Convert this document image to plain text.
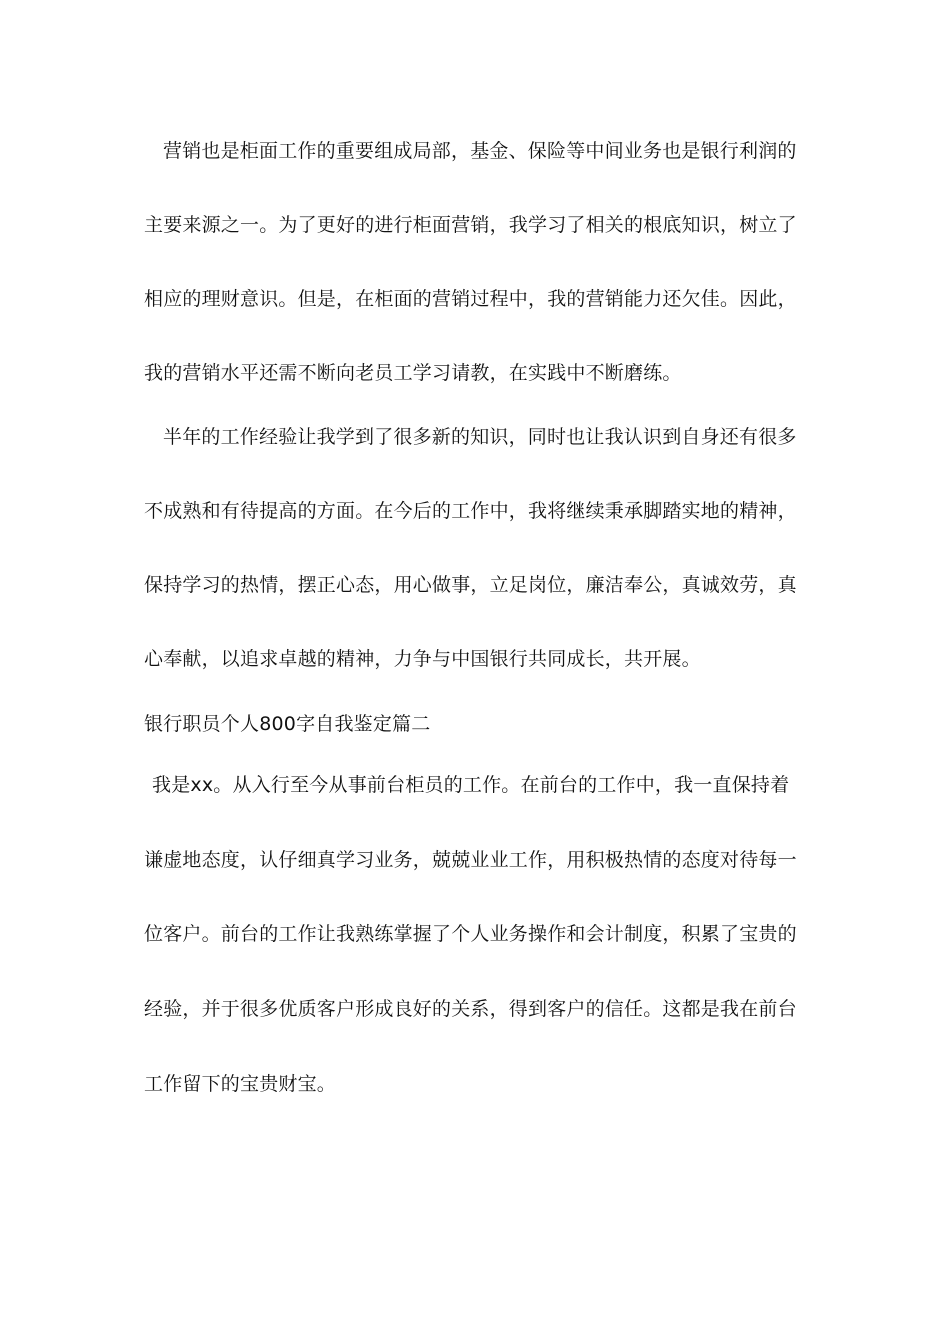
营销也是柜面工作的重要组成局部，基金、保险等中间业务也是银行利润的
主要来源之一。为了更好的进行柜面营销，我学习了相关的根底知识，树立了
相应的理财意识。但是，在柜面的营销过程中，我的营销能力还欠佳。因此，
我的营销水平还需不断向老员工学习请教，在实践中不断磨练。
半年的工作经验让我学到了很多新的知识，同时也让我认识到自身还有很多
不成熟和有待提高的方面。在今后的工作中，我将继续秉承脚踏实地的精神，
保持学习的热情，摆正心态，用心做事，立足岗位，廉洁奉公，真诚效劳，真
心奉献，以追求卓越的精神，力争与中国银行共同成长，共开展。
银行职员个人800字自我鉴定篇二
我是xx。从入行至今从事前台柜员的工作。在前台的工作中，我一直保持着
谦虚地态度，认仔细真学习业务，兢兢业业工作，用积极热情的态度对待每一
位客户。前台的工作让我熟练掌握了个人业务操作和会计制度，积累了宝贵的
经验，并于很多优质客户形成良好的关系，得到客户的信任。这都是我在前台
工作留下的宝贵财宝。
